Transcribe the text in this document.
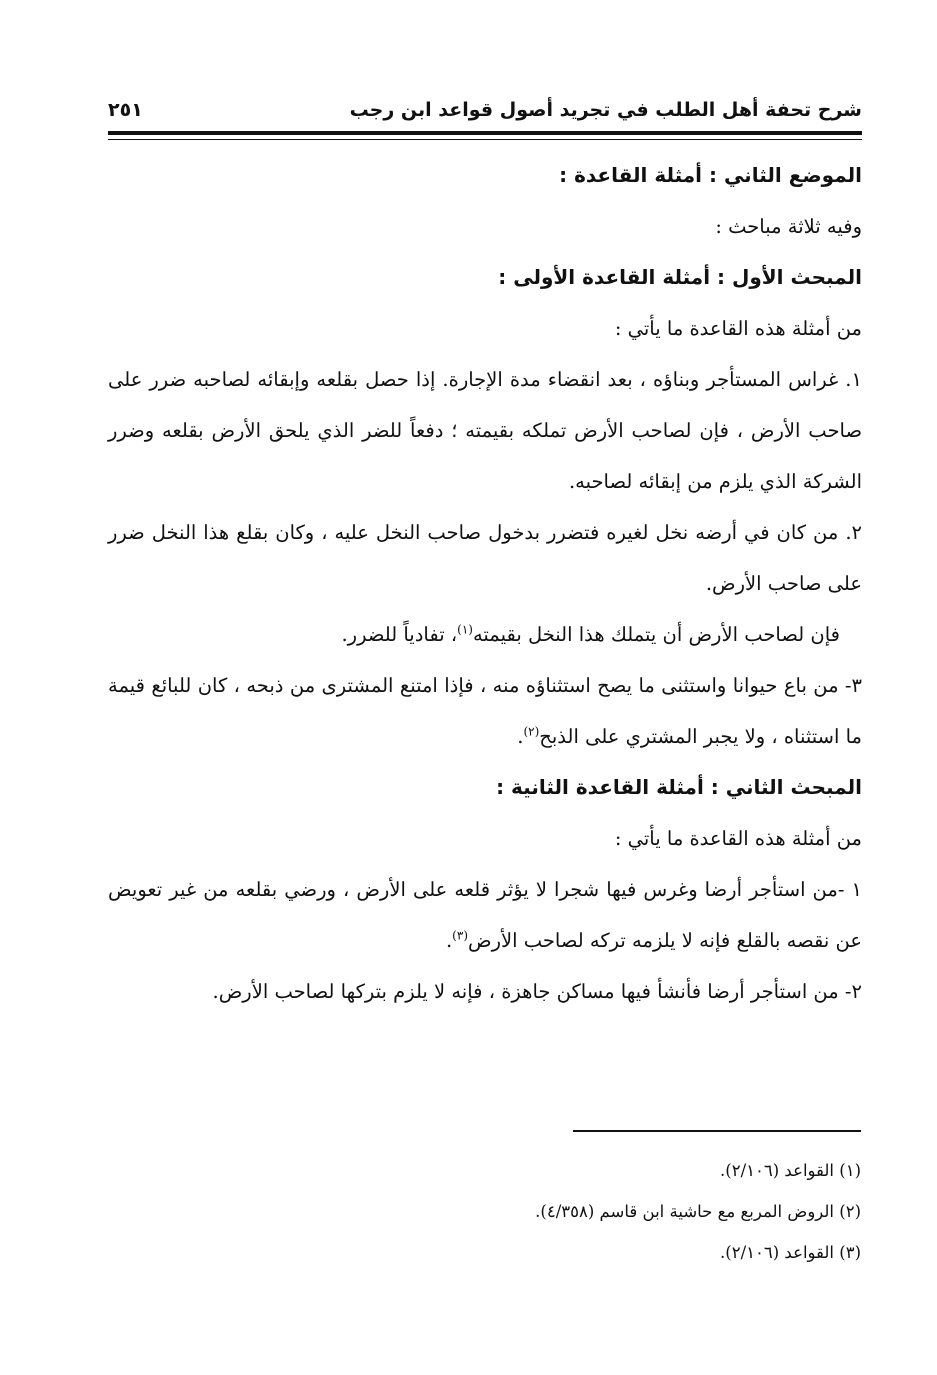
شرح تحفة أهل الطلب في تجريد أصول قواعد ابن رجب
٢٥١

الموضع الثاني : أمثلة القاعدة :

وفيه ثلاثة مباحث :

المبحث الأول : أمثلة القاعدة الأولى :

من أمثلة هذه القاعدة ما يأتي :

١. غراس المستأجر وبناؤه ، بعد انقضاء مدة الإجارة. إذا حصل بقلعه وإبقائه لصاحبه ضرر على صاحب الأرض ، فإن لصاحب الأرض تملكه بقيمته ؛ دفعاً للضر الذي يلحق الأرض بقلعه وضرر الشركة الذي يلزم من إبقائه لصاحبه.

٢. من كان في أرضه نخل لغيره فتضرر بدخول صاحب النخل عليه ، وكان بقلع هذا النخل ضرر على صاحب الأرض.

فإن لصاحب الأرض أن يتملك هذا النخل بقيمته$^{(١)}$، تفادياً للضرر.

٣- من باع حيوانا واستثنى ما يصح استثناؤه منه ، فإذا امتنع المشترى من ذبحه ، كان للبائع قيمة ما استثناه ، ولا يجبر المشتري على الذبح$^{(٢)}$.

المبحث الثاني : أمثلة القاعدة الثانية :

من أمثلة هذه القاعدة ما يأتي :

١ -من استأجر أرضا وغرس فيها شجرا لا يؤثر قلعه على الأرض ، ورضي بقلعه من غير تعويض عن نقصه بالقلع فإنه لا يلزمه تركه لصاحب الأرض$^{(٣)}$.

٢- من استأجر أرضا فأنشأ فيها مساكن جاهزة ، فإنه لا يلزم بتركها لصاحب الأرض.

(١) القواعد (٢/١٠٦).

(٢) الروض المربع مع حاشية ابن قاسم (٤/٣٥٨).

(٣) القواعد (٢/١٠٦).
